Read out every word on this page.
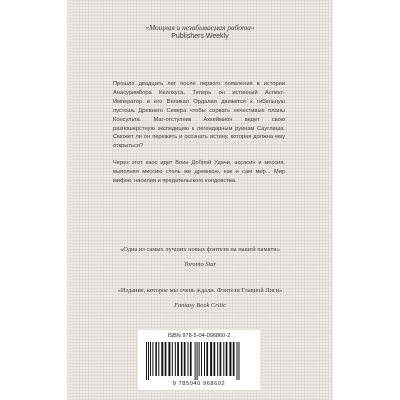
«Мощная и незабываемая работа»
Publishers Weekly

Прошло двадцать лет после первого появления в истории Анасуримбора Келлхуса. Теперь он истинный Аспект-Император и его Великая Ордалия движется к гибельную пустошь Древнего Севера чтобы сорвать нечестивые планы Консульта. Маг-отступник Ахкеймион ведет свою разношерстную экспедицию к легендарным руинам Сауглиша. Сможет ли он пережить и осознать истину, которая должна ему открыться?

Через этот хаос идет Воин Доброй Удачи, ассасин и мессия, выполняя миссию столь же древнюю, как и сам мир... Мир мифов, насилия и предательского колдовства.

«Одна из самых лучших новых фэнтези на нашей памяти»
Toronto Star
«Издание, которое мы очень ждали. Фэнтези Главной Лиги»
Fantasy Book Critic
ISBN 978-5-04-096860-2
9 785040 968602
